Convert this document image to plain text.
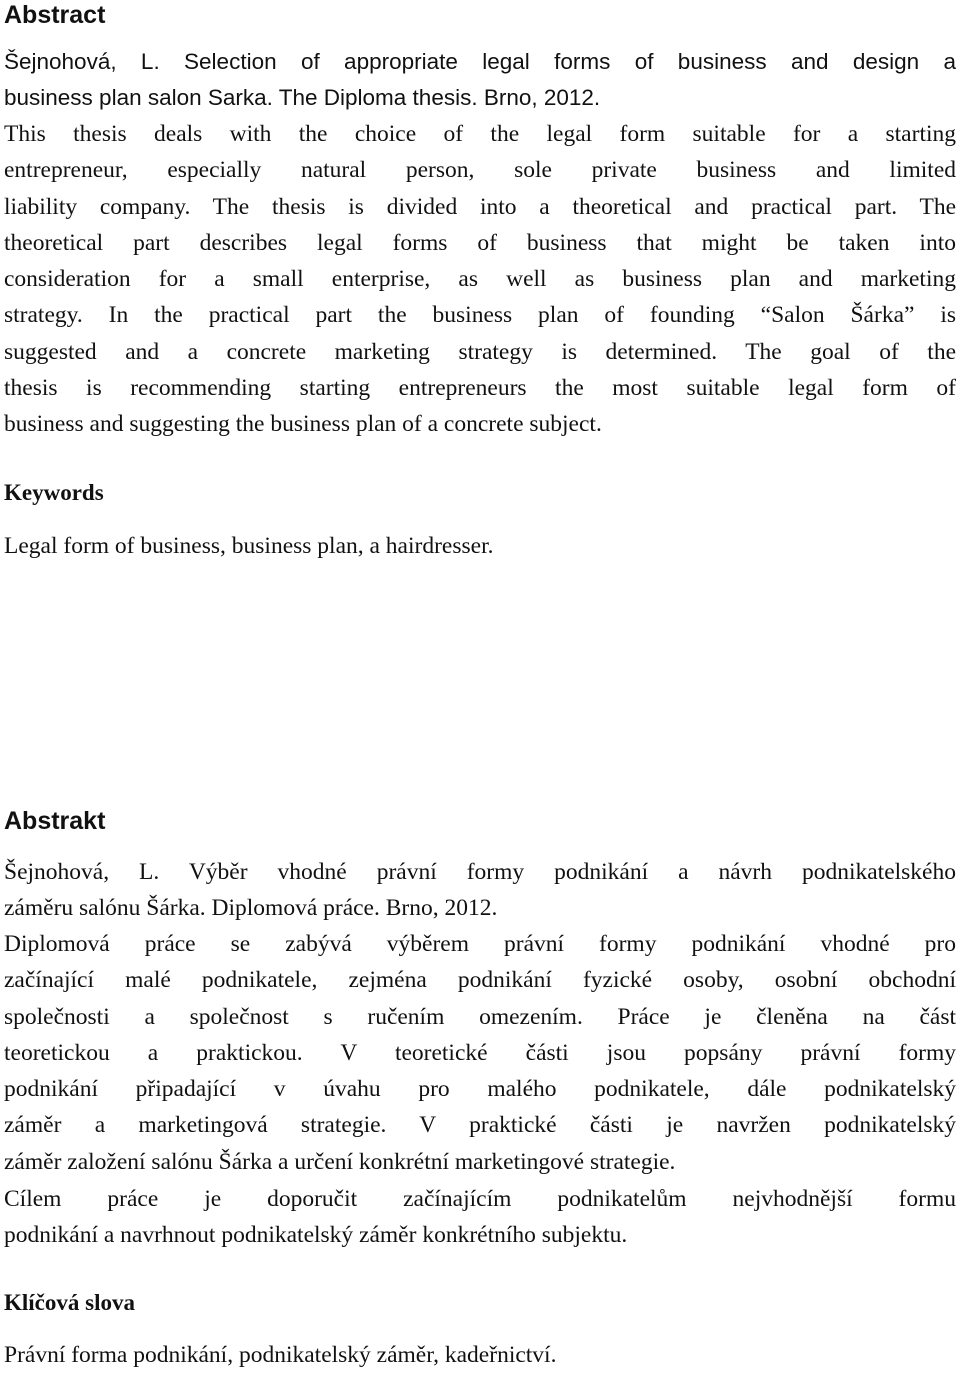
Abstract

Šejnohová, L. Selection of appropriate legal forms of business and design a
business plan salon Sarka. The Diploma thesis. Brno, 2012.

This thesis deals with the choice of the legal form suitable for a starting
entrepreneur, especially natural person, sole private business and limited
liability company. The thesis is divided into a theoretical and practical part. The
theoretical part describes legal forms of business that might be taken into
consideration for a small enterprise, as well as business plan and marketing
strategy. In the practical part the business plan of founding “Salon Šárka” is
suggested and a concrete marketing strategy is determined. The goal of the
thesis is recommending starting entrepreneurs the most suitable legal form of
business and suggesting the business plan of a concrete subject.

Keywords

Legal form of business, business plan, a hairdresser.

Abstrakt

Šejnohová, L. Výběr vhodné právní formy podnikání a návrh podnikatelského
záměru salónu Šárka. Diplomová práce. Brno, 2012.

Diplomová práce se zabývá výběrem právní formy podnikání vhodné pro
začínající malé podnikatele, zejména podnikání fyzické osoby, osobní obchodní
společnosti a společnost s ručením omezením. Práce je členěna na část
teoretickou a praktickou. V teoretické části jsou popsány právní formy
podnikání připadající v úvahu pro malého podnikatele, dále podnikatelský
záměr a marketingová strategie. V praktické části je navržen podnikatelský
záměr založení salónu Šárka a určení konkrétní marketingové strategie.

Cílem práce je doporučit začínajícím podnikatelům nejvhodnější formu
podnikání a navrhnout podnikatelský záměr konkrétního subjektu.

Klíčová slova

Právní forma podnikání, podnikatelský záměr, kadeřnictví.
